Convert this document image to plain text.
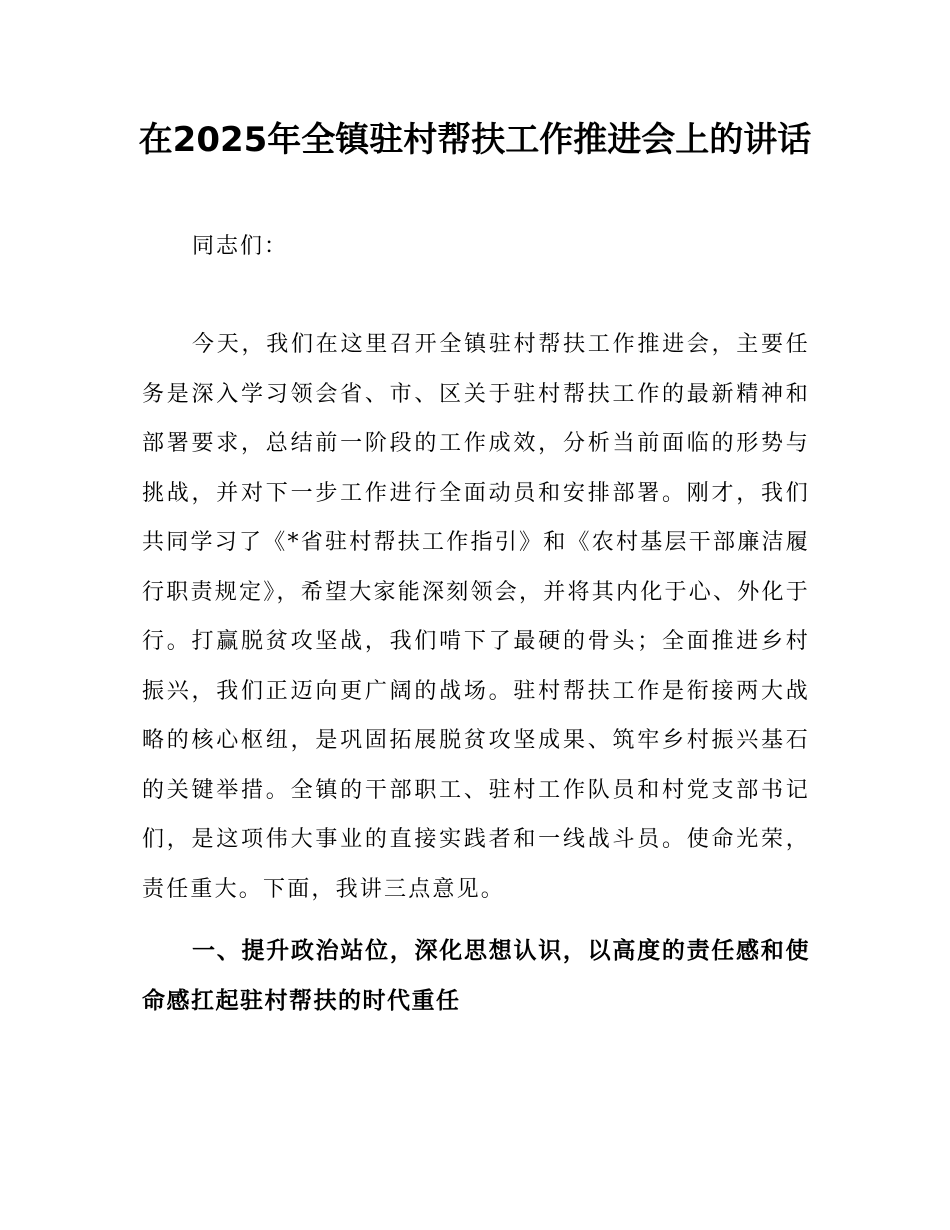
在2025年全镇驻村帮扶工作推进会上的讲话

同志们：

今天，我们在这里召开全镇驻村帮扶工作推进会，主要任务是深入学习领会省、市、区关于驻村帮扶工作的最新精神和部署要求，总结前一阶段的工作成效，分析当前面临的形势与挑战，并对下一步工作进行全面动员和安排部署。刚才，我们共同学习了《*省驻村帮扶工作指引》和《农村基层干部廉洁履行职责规定》，希望大家能深刻领会，并将其内化于心、外化于行。打赢脱贫攻坚战，我们啃下了最硬的骨头；全面推进乡村振兴，我们正迈向更广阔的战场。驻村帮扶工作是衔接两大战略的核心枢纽，是巩固拓展脱贫攻坚成果、筑牢乡村振兴基石的关键举措。全镇的干部职工、驻村工作队员和村党支部书记们，是这项伟大事业的直接实践者和一线战斗员。使命光荣，责任重大。下面，我讲三点意见。

一、提升政治站位，深化思想认识，以高度的责任感和使命感扛起驻村帮扶的时代重任
